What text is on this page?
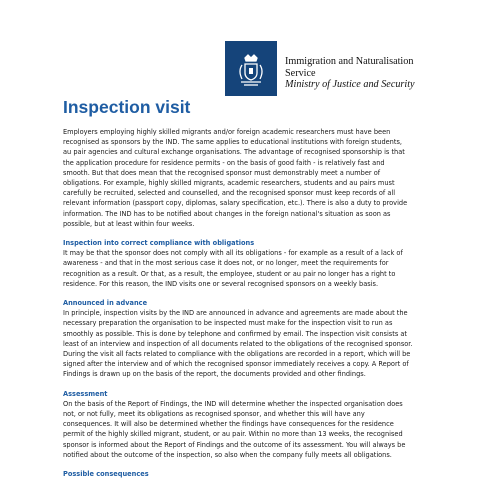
Immigration and Naturalisation
Service
Ministry of Justice and Security
Inspection visit

Employers employing highly skilled migrants and/or foreign academic researchers must have been

recognised as sponsors by the IND. The same applies to educational institutions with foreign students,

au pair agencies and cultural exchange organisations. The advantage of recognised sponsorship is that

the application procedure for residence permits - on the basis of good faith - is relatively fast and

smooth. But that does mean that the recognised sponsor must demonstrably meet a number of

obligations. For example, highly skilled migrants, academic researchers, students and au pairs must

carefully be recruited, selected and counselled, and the recognised sponsor must keep records of all

relevant information (passport copy, diplomas, salary specification, etc.). There is also a duty to provide

information. The IND has to be notified about changes in the foreign national's situation as soon as

possible, but at least within four weeks.

Inspection into correct compliance with obligations

It may be that the sponsor does not comply with all its obligations - for example as a result of a lack of

awareness - and that in the most serious case it does not, or no longer, meet the requirements for

recognition as a result. Or that, as a result, the employee, student or au pair no longer has a right to

residence. For this reason, the IND visits one or several recognised sponsors on a weekly basis.

Announced in advance

In principle, inspection visits by the IND are announced in advance and agreements are made about the

necessary preparation the organisation to be inspected must make for the inspection visit to run as

smoothly as possible. This is done by telephone and confirmed by email. The inspection visit consists at

least of an interview and inspection of all documents related to the obligations of the recognised sponsor.

During the visit all facts related to compliance with the obligations are recorded in a report, which will be

signed after the interview and of which the recognised sponsor immediately receives a copy. A Report of

Findings is drawn up on the basis of the report, the documents provided and other findings.

Assessment

On the basis of the Report of Findings, the IND will determine whether the inspected organisation does

not, or not fully, meet its obligations as recognised sponsor, and whether this will have any

consequences. It will also be determined whether the findings have consequences for the residence

permit of the highly skilled migrant, student, or au pair. Within no more than 13 weeks, the recognised

sponsor is informed about the Report of Findings and the outcome of its assessment. You will always be

notified about the outcome of the inspection, so also when the company fully meets all obligations.

Possible consequences
